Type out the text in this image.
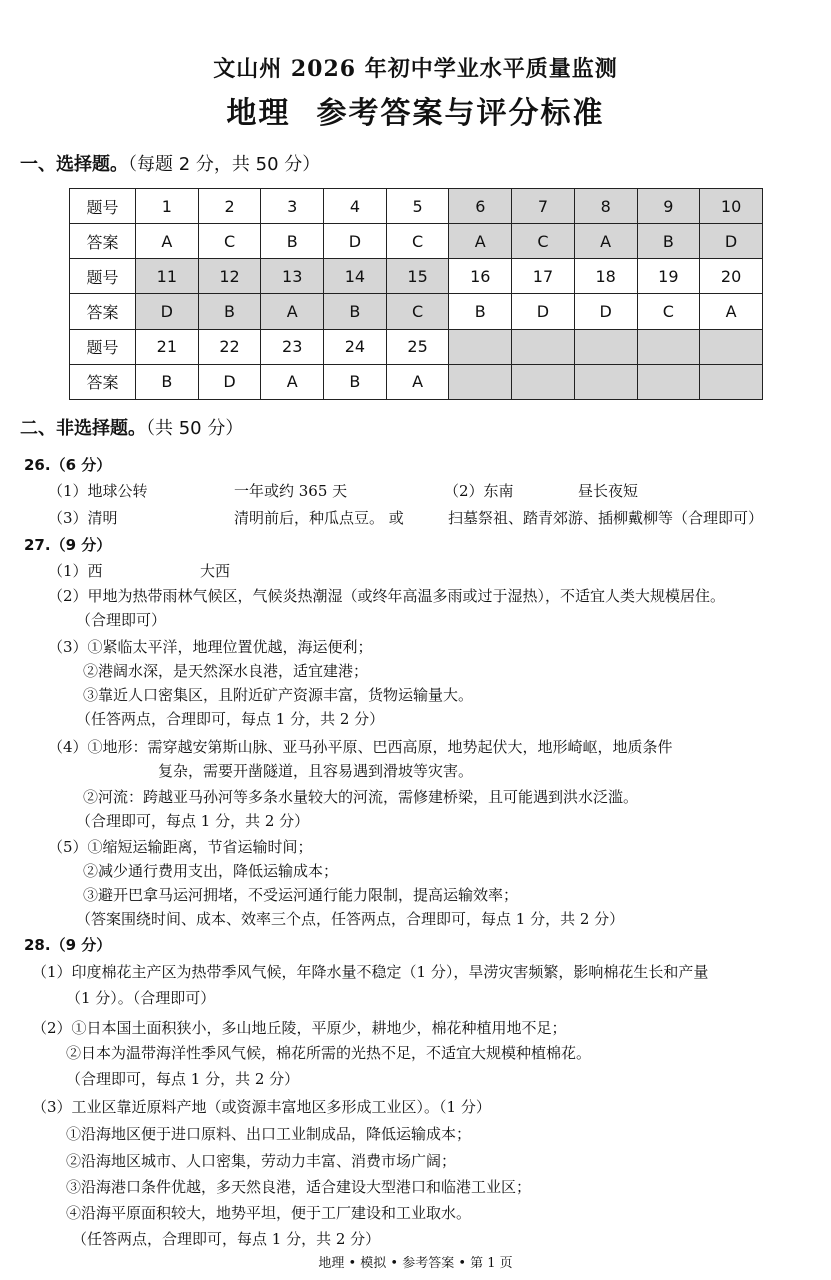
文山州 2026 年初中学业水平质量监测
地理 参考答案与评分标准
一、选择题。（每题 2 分，共 50 分）
题号	1	2	3	4	5	6	7	8	9	10
答案	A	C	B	D	C	A	C	A	B	D
题号	11	12	13	14	15	16	17	18	19	20
答案	D	B	A	B	C	B	D	D	C	A
题号	21	22	23	24	25					
答案	B	D	A	B	A					
二、非选择题。（共 50 分）
26.（6 分）
（1）地球公转	一年或约 365 天	（2）东南	昼长夜短
（3）清明	清明前后，种瓜点豆。 或	扫墓祭祖、踏青郊游、插柳戴柳等（合理即可）
27.（9 分）
（1）西	大西
（2）甲地为热带雨林气候区，气候炎热潮湿（或终年高温多雨或过于湿热），不适宜人类大规模居住。
（合理即可）
（3）①紧临太平洋，地理位置优越，海运便利；
②港阔水深，是天然深水良港，适宜建港；
③靠近人口密集区，且附近矿产资源丰富，货物运输量大。
（任答两点，合理即可，每点 1 分，共 2 分）
（4）①地形：需穿越安第斯山脉、亚马孙平原、巴西高原，地势起伏大，地形崎岖，地质条件
复杂，需要开凿隧道，且容易遇到滑坡等灾害。
②河流：跨越亚马孙河等多条水量较大的河流，需修建桥梁，且可能遇到洪水泛滥。
（合理即可，每点 1 分，共 2 分）
（5）①缩短运输距离，节省运输时间；
②减少通行费用支出，降低运输成本；
③避开巴拿马运河拥堵，不受运河通行能力限制，提高运输效率；
（答案围绕时间、成本、效率三个点，任答两点，合理即可，每点 1 分，共 2 分）
28.（9 分）
（1）印度棉花主产区为热带季风气候，年降水量不稳定（1 分），旱涝灾害频繁，影响棉花生长和产量
（1 分）。（合理即可）
（2）①日本国土面积狭小，多山地丘陵，平原少，耕地少，棉花种植用地不足；
②日本为温带海洋性季风气候，棉花所需的光热不足，不适宜大规模种植棉花。
（合理即可，每点 1 分，共 2 分）
（3）工业区靠近原料产地（或资源丰富地区多形成工业区）。（1 分）
①沿海地区便于进口原料、出口工业制成品，降低运输成本；
②沿海地区城市、人口密集，劳动力丰富、消费市场广阔；
③沿海港口条件优越，多天然良港，适合建设大型港口和临港工业区；
④沿海平原面积较大，地势平坦，便于工厂建设和工业取水。
（任答两点，合理即可，每点 1 分，共 2 分）
地理 • 模拟 • 参考答案 • 第 1 页
